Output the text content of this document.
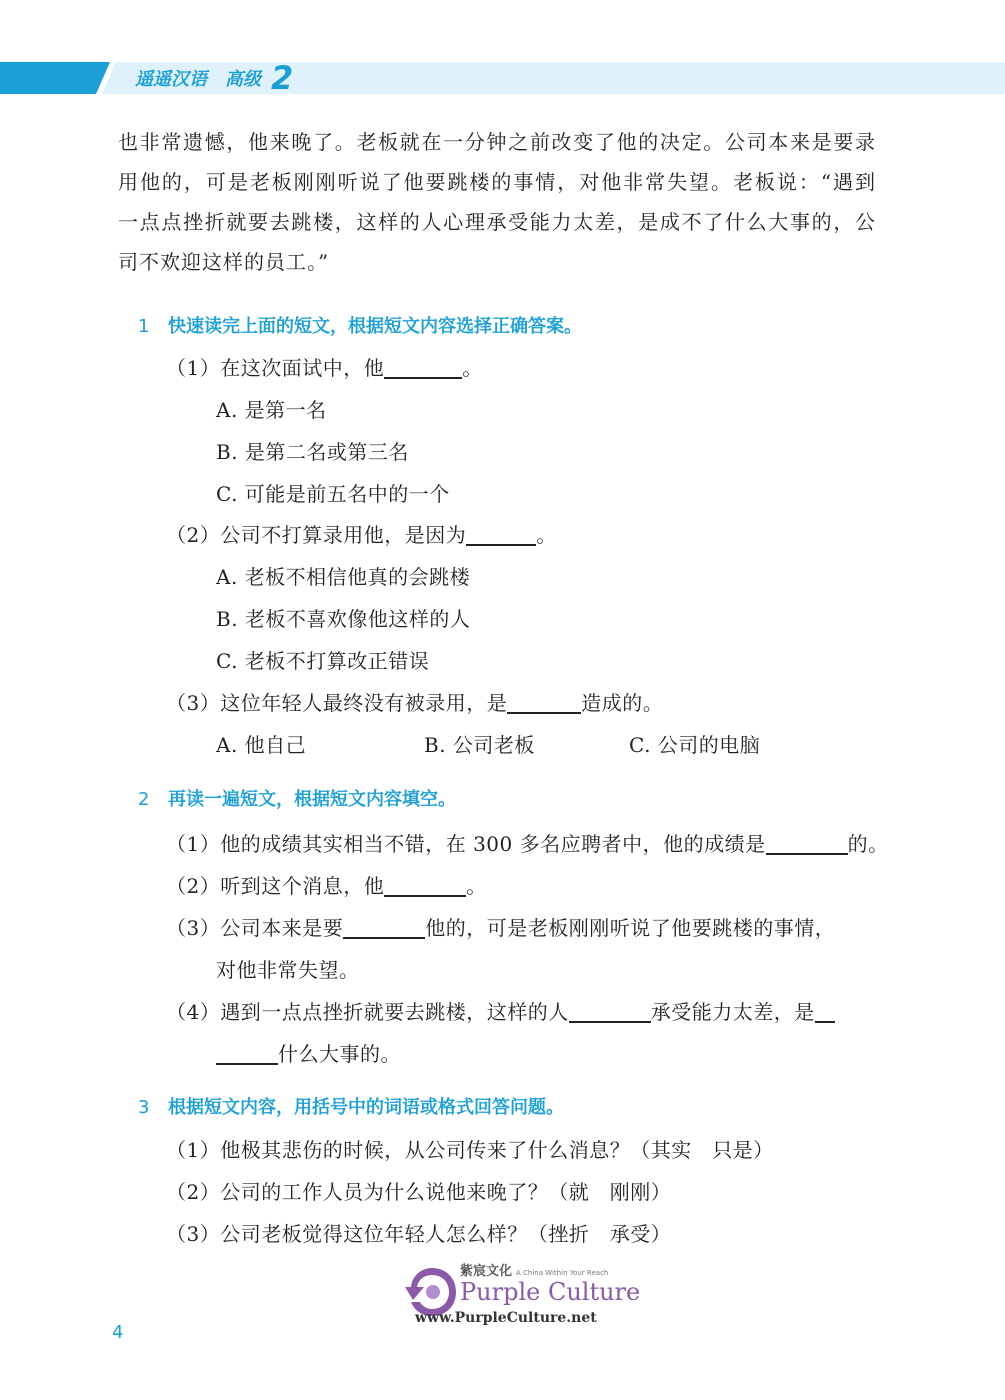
遥遥汉语　高级 2
也非常遗憾，他来晚了。老板就在一分钟之前改变了他的决定。公司本来是要录
用他的，可是老板刚刚听说了他要跳楼的事情，对他非常失望。老板说：“遇到
一点点挫折就要去跳楼，这样的人心理承受能力太差，是成不了什么大事的，公
司不欢迎这样的员工。”
1 快速读完上面的短文，根据短文内容选择正确答案。
（1）在这次面试中，他	。
A. 是第一名
B. 是第二名或第三名
C. 可能是前五名中的一个
（2）公司不打算录用他，是因为	。
A. 老板不相信他真的会跳楼
B. 老板不喜欢像他这样的人
C. 老板不打算改正错误
（3）这位年轻人最终没有被录用，是	造成的。
A. 他自己	B. 公司老板	C. 公司的电脑
2 再读一遍短文，根据短文内容填空。
（1）他的成绩其实相当不错，在 300 多名应聘者中，他的成绩是	的。
（2）听到这个消息，他	。
（3）公司本来是要	他的，可是老板刚刚听说了他要跳楼的事情，
对他非常失望。
（4）遇到一点点挫折就要去跳楼，这样的人	承受能力太差，是
什么大事的。
3 根据短文内容，用括号中的词语或格式回答问题。
（1）他极其悲伤的时候，从公司传来了什么消息？（其实　只是）
（2）公司的工作人员为什么说他来晚了？（就　刚刚）
（3）公司老板觉得这位年轻人怎么样？（挫折　承受）
紫宸文化 A China Within Your Reach
Purple Culture
www.PurpleCulture.net
4
